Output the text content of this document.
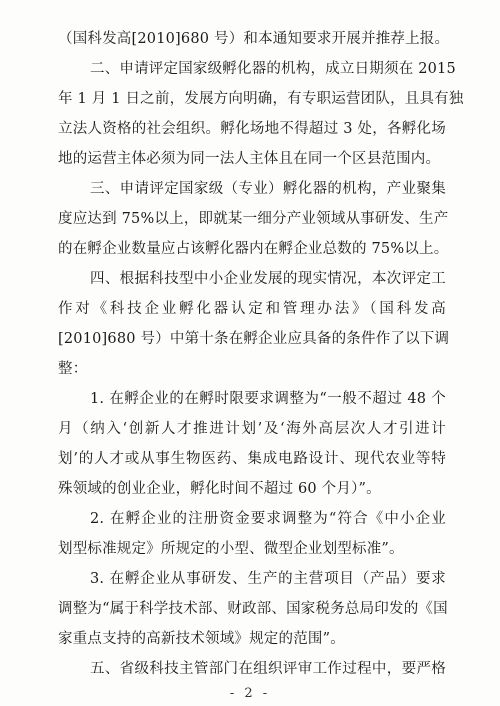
（国科发高[2010]680 号）和本通知要求开展并推荐上报。
二、申请评定国家级孵化器的机构，成立日期须在 2015
年 1 月 1 日之前，发展方向明确，有专职运营团队，且具有独
立法人资格的社会组织。孵化场地不得超过 3 处，各孵化场
地的运营主体必须为同一法人主体且在同一个区县范围内。
三、申请评定国家级（专业）孵化器的机构，产业聚集
度应达到 75%以上，即就某一细分产业领域从事研发、生产
的在孵企业数量应占该孵化器内在孵企业总数的 75%以上。
四、根据科技型中小企业发展的现实情况，本次评定工
作对《科技企业孵化器认定和管理办法》（国科发高
[2010]680 号）中第十条在孵企业应具备的条件作了以下调
整：
1. 在孵企业的在孵时限要求调整为“一般不超过 48 个
月（纳入‘创新人才推进计划’及‘海外高层次人才引进计
划’的人才或从事生物医药、集成电路设计、现代农业等特
殊领域的创业企业，孵化时间不超过 60 个月）”。
2. 在孵企业的注册资金要求调整为“符合《中小企业
划型标准规定》所规定的小型、微型企业划型标准”。
3. 在孵企业从事研发、生产的主营项目（产品）要求
调整为“属于科学技术部、财政部、国家税务总局印发的《国
家重点支持的高新技术领域》规定的范围”。
五、省级科技主管部门在组织评审工作过程中，要严格
- 2 -
